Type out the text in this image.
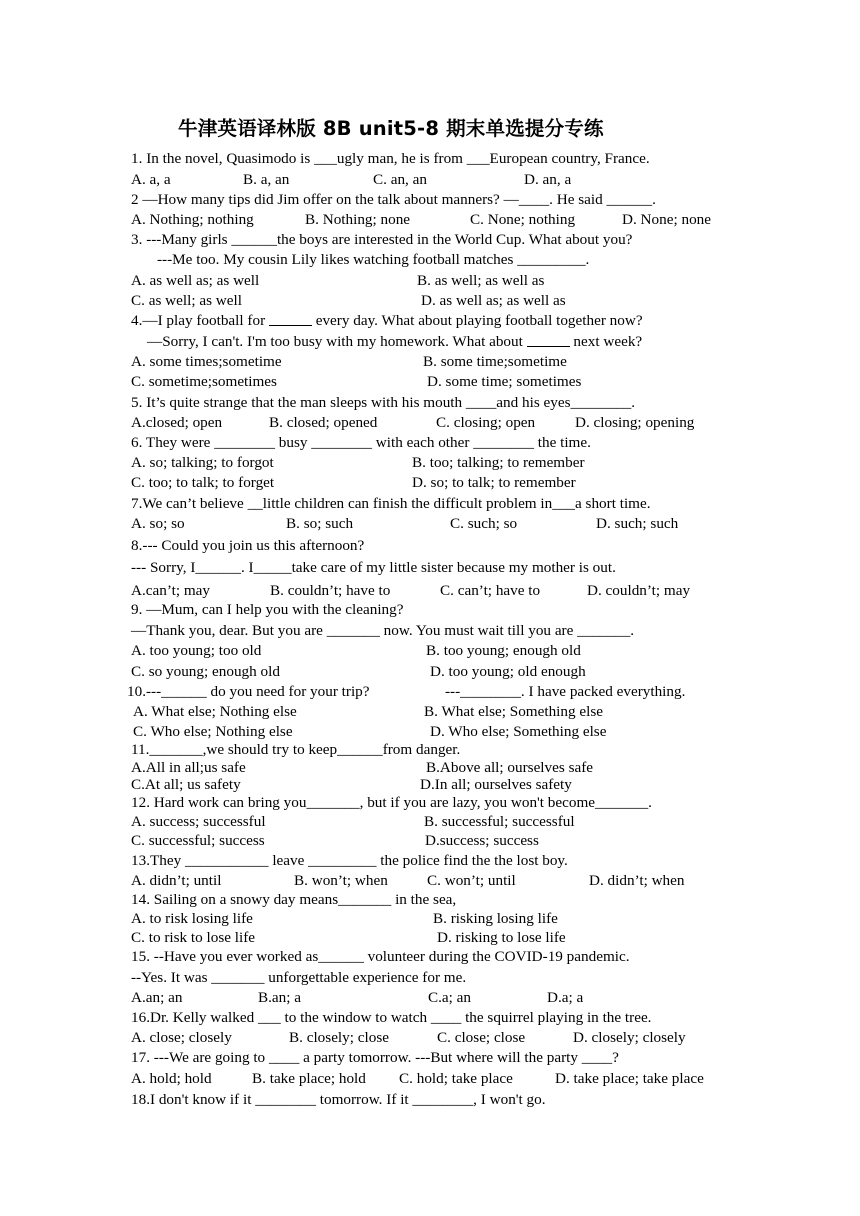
牛津英语译林版 8B unit5-8 期末单选提分专练
1. In the novel, Quasimodo is ___ugly man, he is from ___European country, France.
A. a, a	B. a, an	C. an, an	D. an, a
2 —How many tips did Jim offer on the talk about manners? —____. He said ______.
A. Nothing; nothing	B. Nothing; none	C. None; nothing	D. None; none
3. ---Many girls ______the boys are interested in the World Cup. What about you?
---Me too. My cousin Lily likes watching football matches _________.
A. as well as; as well	B. as well; as well as
C. as well; as well	D. as well as; as well as
4.—I play football for	every day. What about playing football together now?
—Sorry, I can't. I'm too busy with my homework. What about	next week?
A. some times;sometime	B. some time;sometime
C. sometime;sometimes	D. some time; sometimes
5. It’s quite strange that the man sleeps with his mouth ____and his eyes________.
A.closed; open	B. closed; opened	C. closing; open	D. closing; opening
6. They were ________ busy ________ with each other ________ the time.
A. so; talking; to forgot	B. too; talking; to remember
C. too; to talk; to forget	D. so; to talk; to remember
7.We can’t believe __little children can finish the difficult problem in___a short time.
A. so; so	B. so; such	C. such; so	D. such; such
8.--- Could you join us this afternoon?
--- Sorry, I______. I_____take care of my little sister because my mother is out.
A.can’t; may	B. couldn’t; have to	C. can’t; have to	D. couldn’t; may
9. —Mum, can I help you with the cleaning?
—Thank you, dear. But you are _______ now. You must wait till you are _______.
A. too young; too old	B. too young; enough old
C. so young; enough old	D. too young; old enough
10.---______ do you need for your trip?	---________. I have packed everything.
A. What else; Nothing else	B. What else; Something else
C. Who else; Nothing else	D. Who else; Something else
11._______,we should try to keep______from danger.
A.All in all;us safe	B.Above all; ourselves safe
C.At all; us safety	D.In all; ourselves safety
12. Hard work can bring you_______, but if you are lazy, you won't become_______.
A. success; successful	B. successful; successful
C. successful; success	D.success; success
13.They ___________ leave _________ the police find the the lost boy.
A. didn’t; until	B. won’t; when	C. won’t; until	D. didn’t; when
14. Sailing on a snowy day means_______ in the sea,
A. to risk losing life	B. risking losing life
C. to risk to lose life	D. risking to lose life
15. --Have you ever worked as______ volunteer during the COVID-19 pandemic.
--Yes. It was _______ unforgettable experience for me.
A.an; an	B.an; a	C.a; an	D.a; a
16.Dr. Kelly walked ___ to the window to watch ____ the squirrel playing in the tree.
A. close; closely	B. closely; close	C. close; close	D. closely; closely
17. ---We are going to ____ a party tomorrow. ---But where will the party ____?
A. hold; hold	B. take place; hold C. hold; take place	D. take place; take place
18.I don't know if it ________ tomorrow. If it ________, I won't go.
